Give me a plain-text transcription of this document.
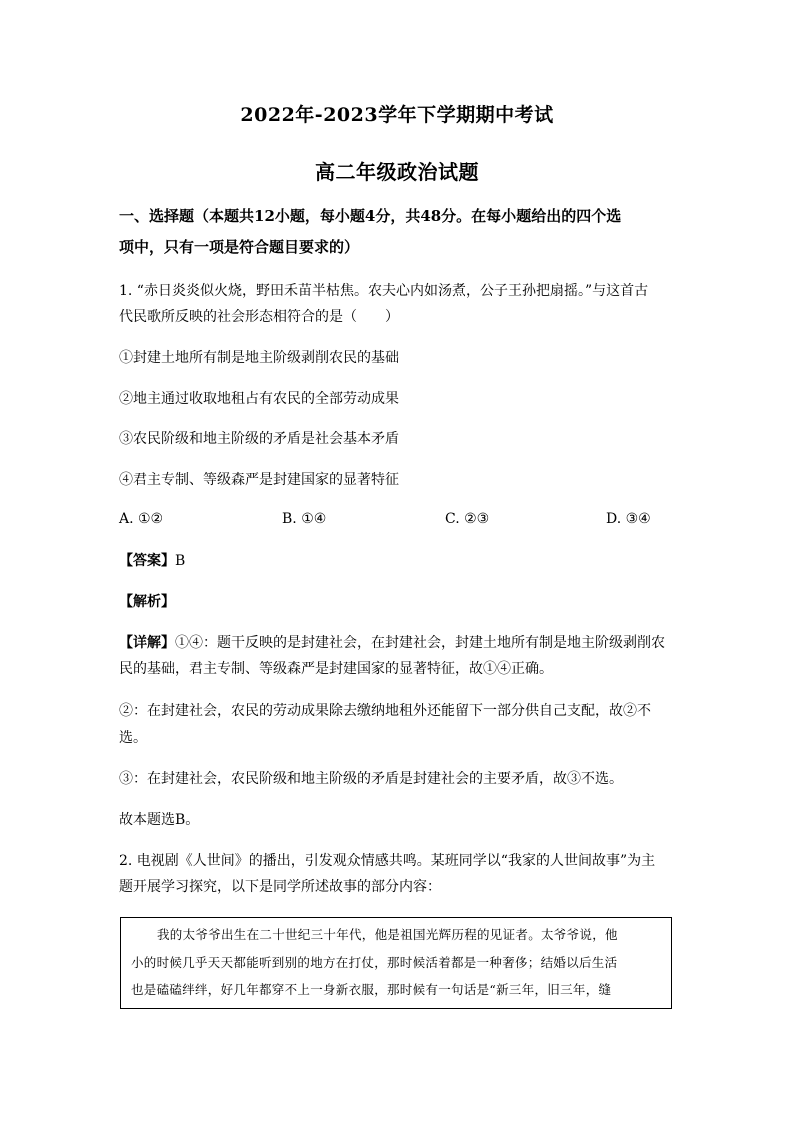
2022年-2023学年下学期期中考试
高二年级政治试题
一、选择题（本题共12小题，每小题4分，共48分。在每小题给出的四个选
项中，只有一项是符合题目要求的）
1. “赤日炎炎似火烧，野田禾苗半枯焦。农夫心内如汤煮，公子王孙把扇摇。”与这首古
代民歌所反映的社会形态相符合的是（　　）
①封建土地所有制是地主阶级剥削农民的基础
②地主通过收取地租占有农民的全部劳动成果
③农民阶级和地主阶级的矛盾是社会基本矛盾
④君主专制、等级森严是封建国家的显著特征
A. ①②	B. ①④	C. ②③	D. ③④
【答案】B
【解析】
【详解】①④：题干反映的是封建社会，在封建社会，封建土地所有制是地主阶级剥削农
民的基础，君主专制、等级森严是封建国家的显著特征，故①④正确。
②：在封建社会，农民的劳动成果除去缴纳地租外还能留下一部分供自己支配，故②不
选。
③：在封建社会，农民阶级和地主阶级的矛盾是封建社会的主要矛盾，故③不选。
故本题选B。
2. 电视剧《人世间》的播出，引发观众情感共鸣。某班同学以“我家的人世间故事”为主
题开展学习探究，以下是同学所述故事的部分内容：
我的太爷爷出生在二十世纪三十年代，他是祖国光辉历程的见证者。太爷爷说，他
小的时候几乎天天都能听到别的地方在打仗，那时候活着都是一种奢侈；结婚以后生活
也是磕磕绊绊，好几年都穿不上一身新衣服，那时候有一句话是“新三年，旧三年，缝
